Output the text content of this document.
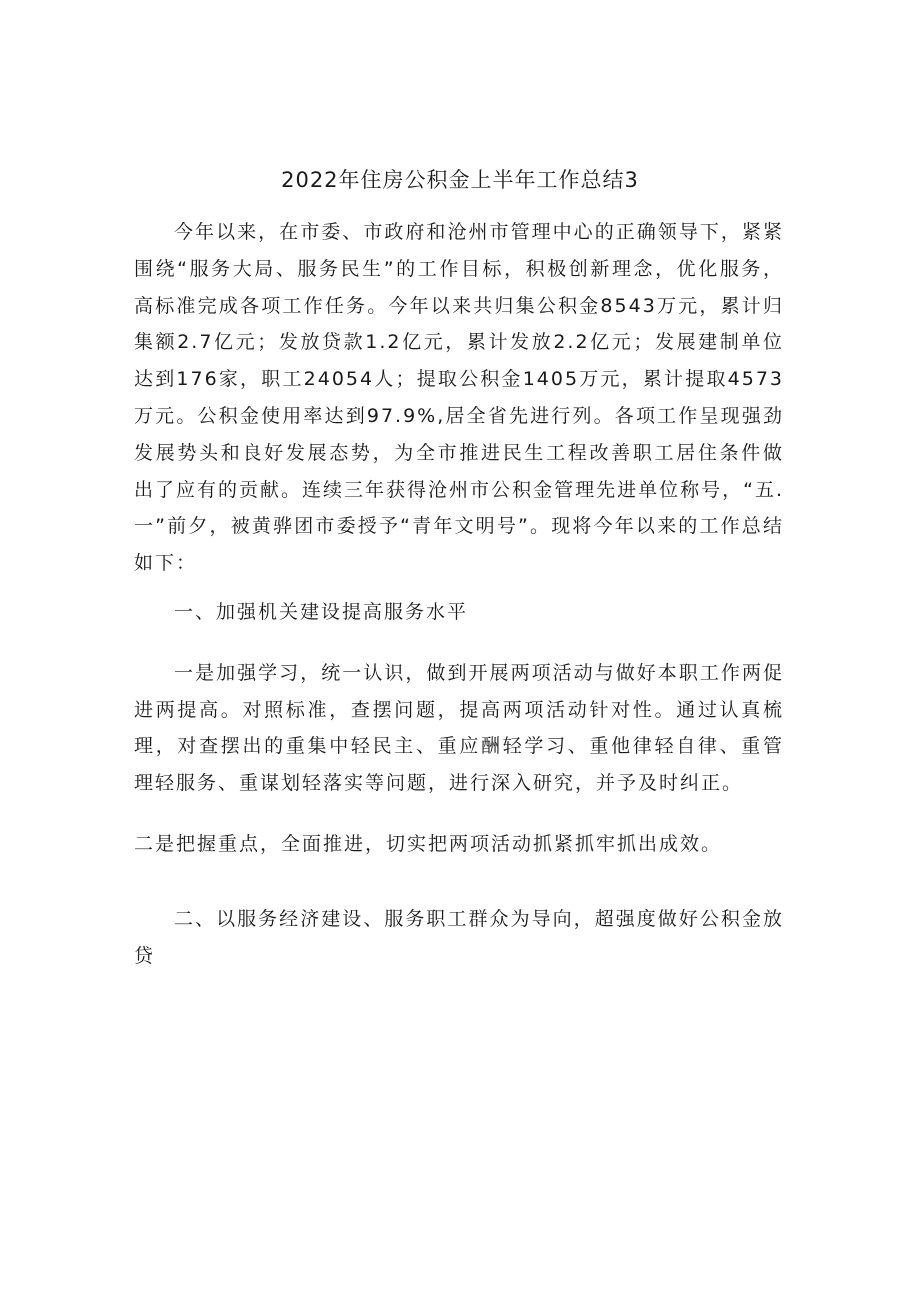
2022年住房公积金上半年工作总结3

今年以来，在市委、市政府和沧州市管理中心的正确领导下，紧紧围绕“服务大局、服务民生”的工作目标，积极创新理念，优化服务，高标准完成各项工作任务。今年以来共归集公积金8543万元，累计归集额2.7亿元；发放贷款1.2亿元，累计发放2.2亿元；发展建制单位达到176家，职工24054人；提取公积金1405万元，累计提取4573万元。公积金使用率达到97.9%,居全省先进行列。各项工作呈现强劲发展势头和良好发展态势，为全市推进民生工程改善职工居住条件做出了应有的贡献。连续三年获得沧州市公积金管理先进单位称号，“五.一”前夕，被黄骅团市委授予“青年文明号”。现将今年以来的工作总结如下：

一、加强机关建设提高服务水平

一是加强学习，统一认识，做到开展两项活动与做好本职工作两促进两提高。对照标准，查摆问题，提高两项活动针对性。通过认真梳理，对查摆出的重集中轻民主、重应酬轻学习、重他律轻自律、重管理轻服务、重谋划轻落实等问题，进行深入研究，并予及时纠正。

二是把握重点，全面推进，切实把两项活动抓紧抓牢抓出成效。

二、以服务经济建设、服务职工群众为导向，超强度做好公积金放贷
